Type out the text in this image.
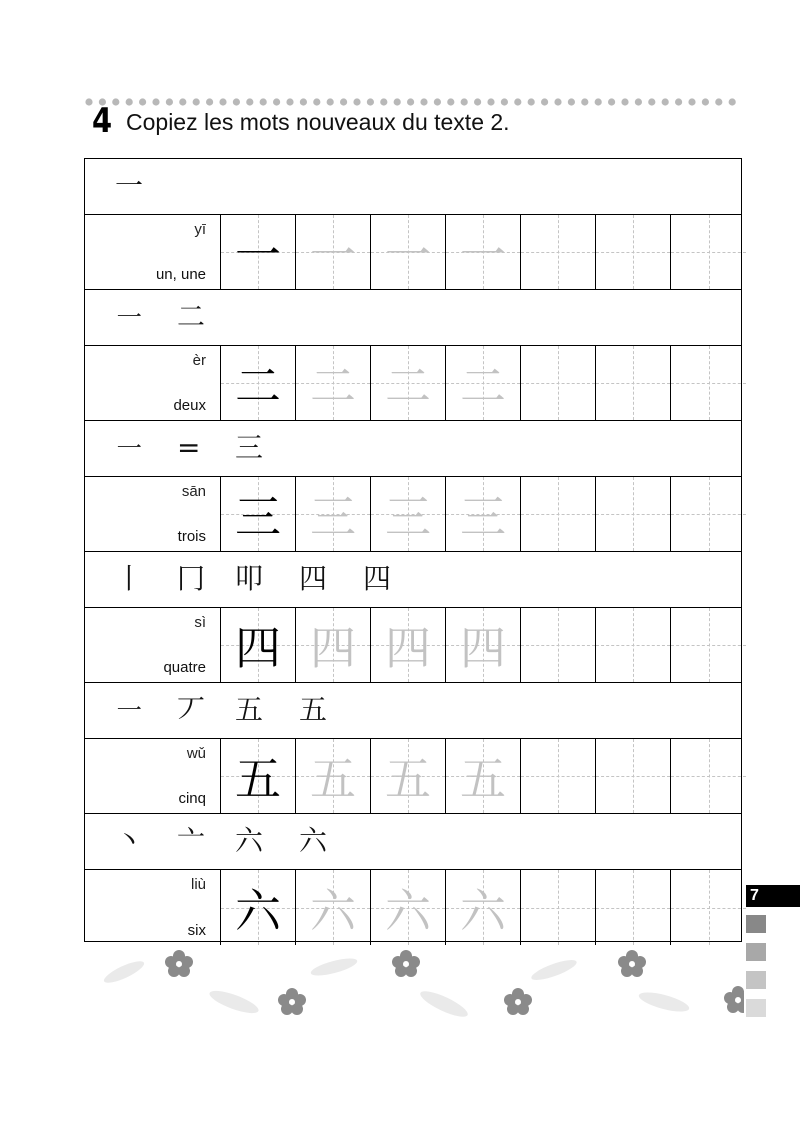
4 Copiez les mots nouveaux du texte 2.
一
yī
un, une 一 一 一 一
㇐ 二
èr
deux 二 二 二 二
㇐ = 三
sān
trois 三 三 三 三
丨 冂 叩 四 四
sì
quatre 四 四 四 四
㇐ 丆 五 五
wǔ
cinq 五 五 五 五
丶 亠 六 六
liù
six 六 六 六 六	7
